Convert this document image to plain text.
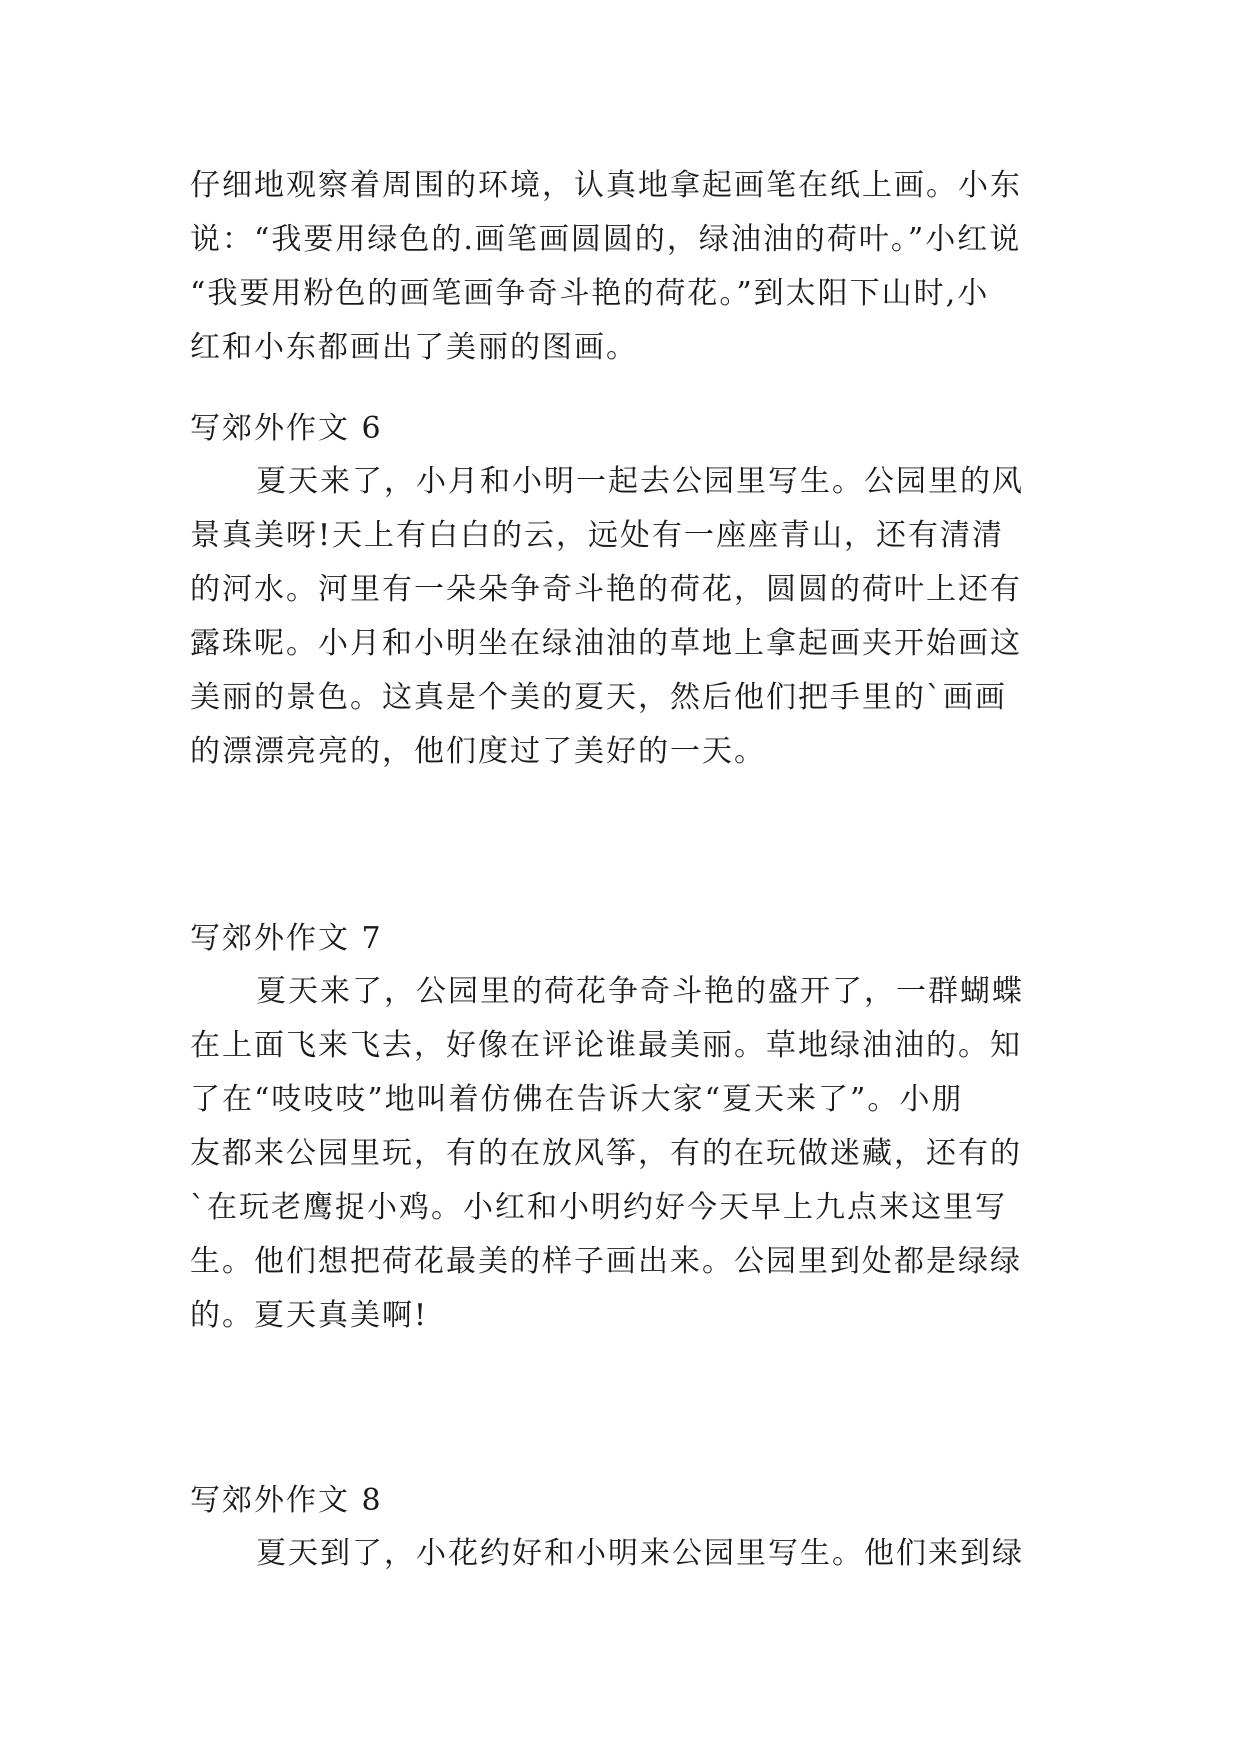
仔细地观察着周围的环境，认真地拿起画笔在纸上画。小东
说：“我要用绿色的.画笔画圆圆的，绿油油的荷叶。”小红说
“我要用粉色的画笔画争奇斗艳的荷花。”到太阳下山时,小
红和小东都画出了美丽的图画。
写郊外作文 6
夏天来了，小月和小明一起去公园里写生。公园里的风
景真美呀!天上有白白的云，远处有一座座青山，还有清清
的河水。河里有一朵朵争奇斗艳的荷花，圆圆的荷叶上还有
露珠呢。小月和小明坐在绿油油的草地上拿起画夹开始画这
美丽的景色。这真是个美的夏天，然后他们把手里的`画画
的漂漂亮亮的，他们度过了美好的一天。
写郊外作文 7
夏天来了，公园里的荷花争奇斗艳的盛开了，一群蝴蝶
在上面飞来飞去，好像在评论谁最美丽。草地绿油油的。知
了在“吱吱吱”地叫着仿佛在告诉大家“夏天来了”。小朋
友都来公园里玩，有的在放风筝，有的在玩做迷藏，还有的
`在玩老鹰捉小鸡。小红和小明约好今天早上九点来这里写
生。他们想把荷花最美的样子画出来。公园里到处都是绿绿
的。夏天真美啊!
写郊外作文 8
夏天到了，小花约好和小明来公园里写生。他们来到绿
